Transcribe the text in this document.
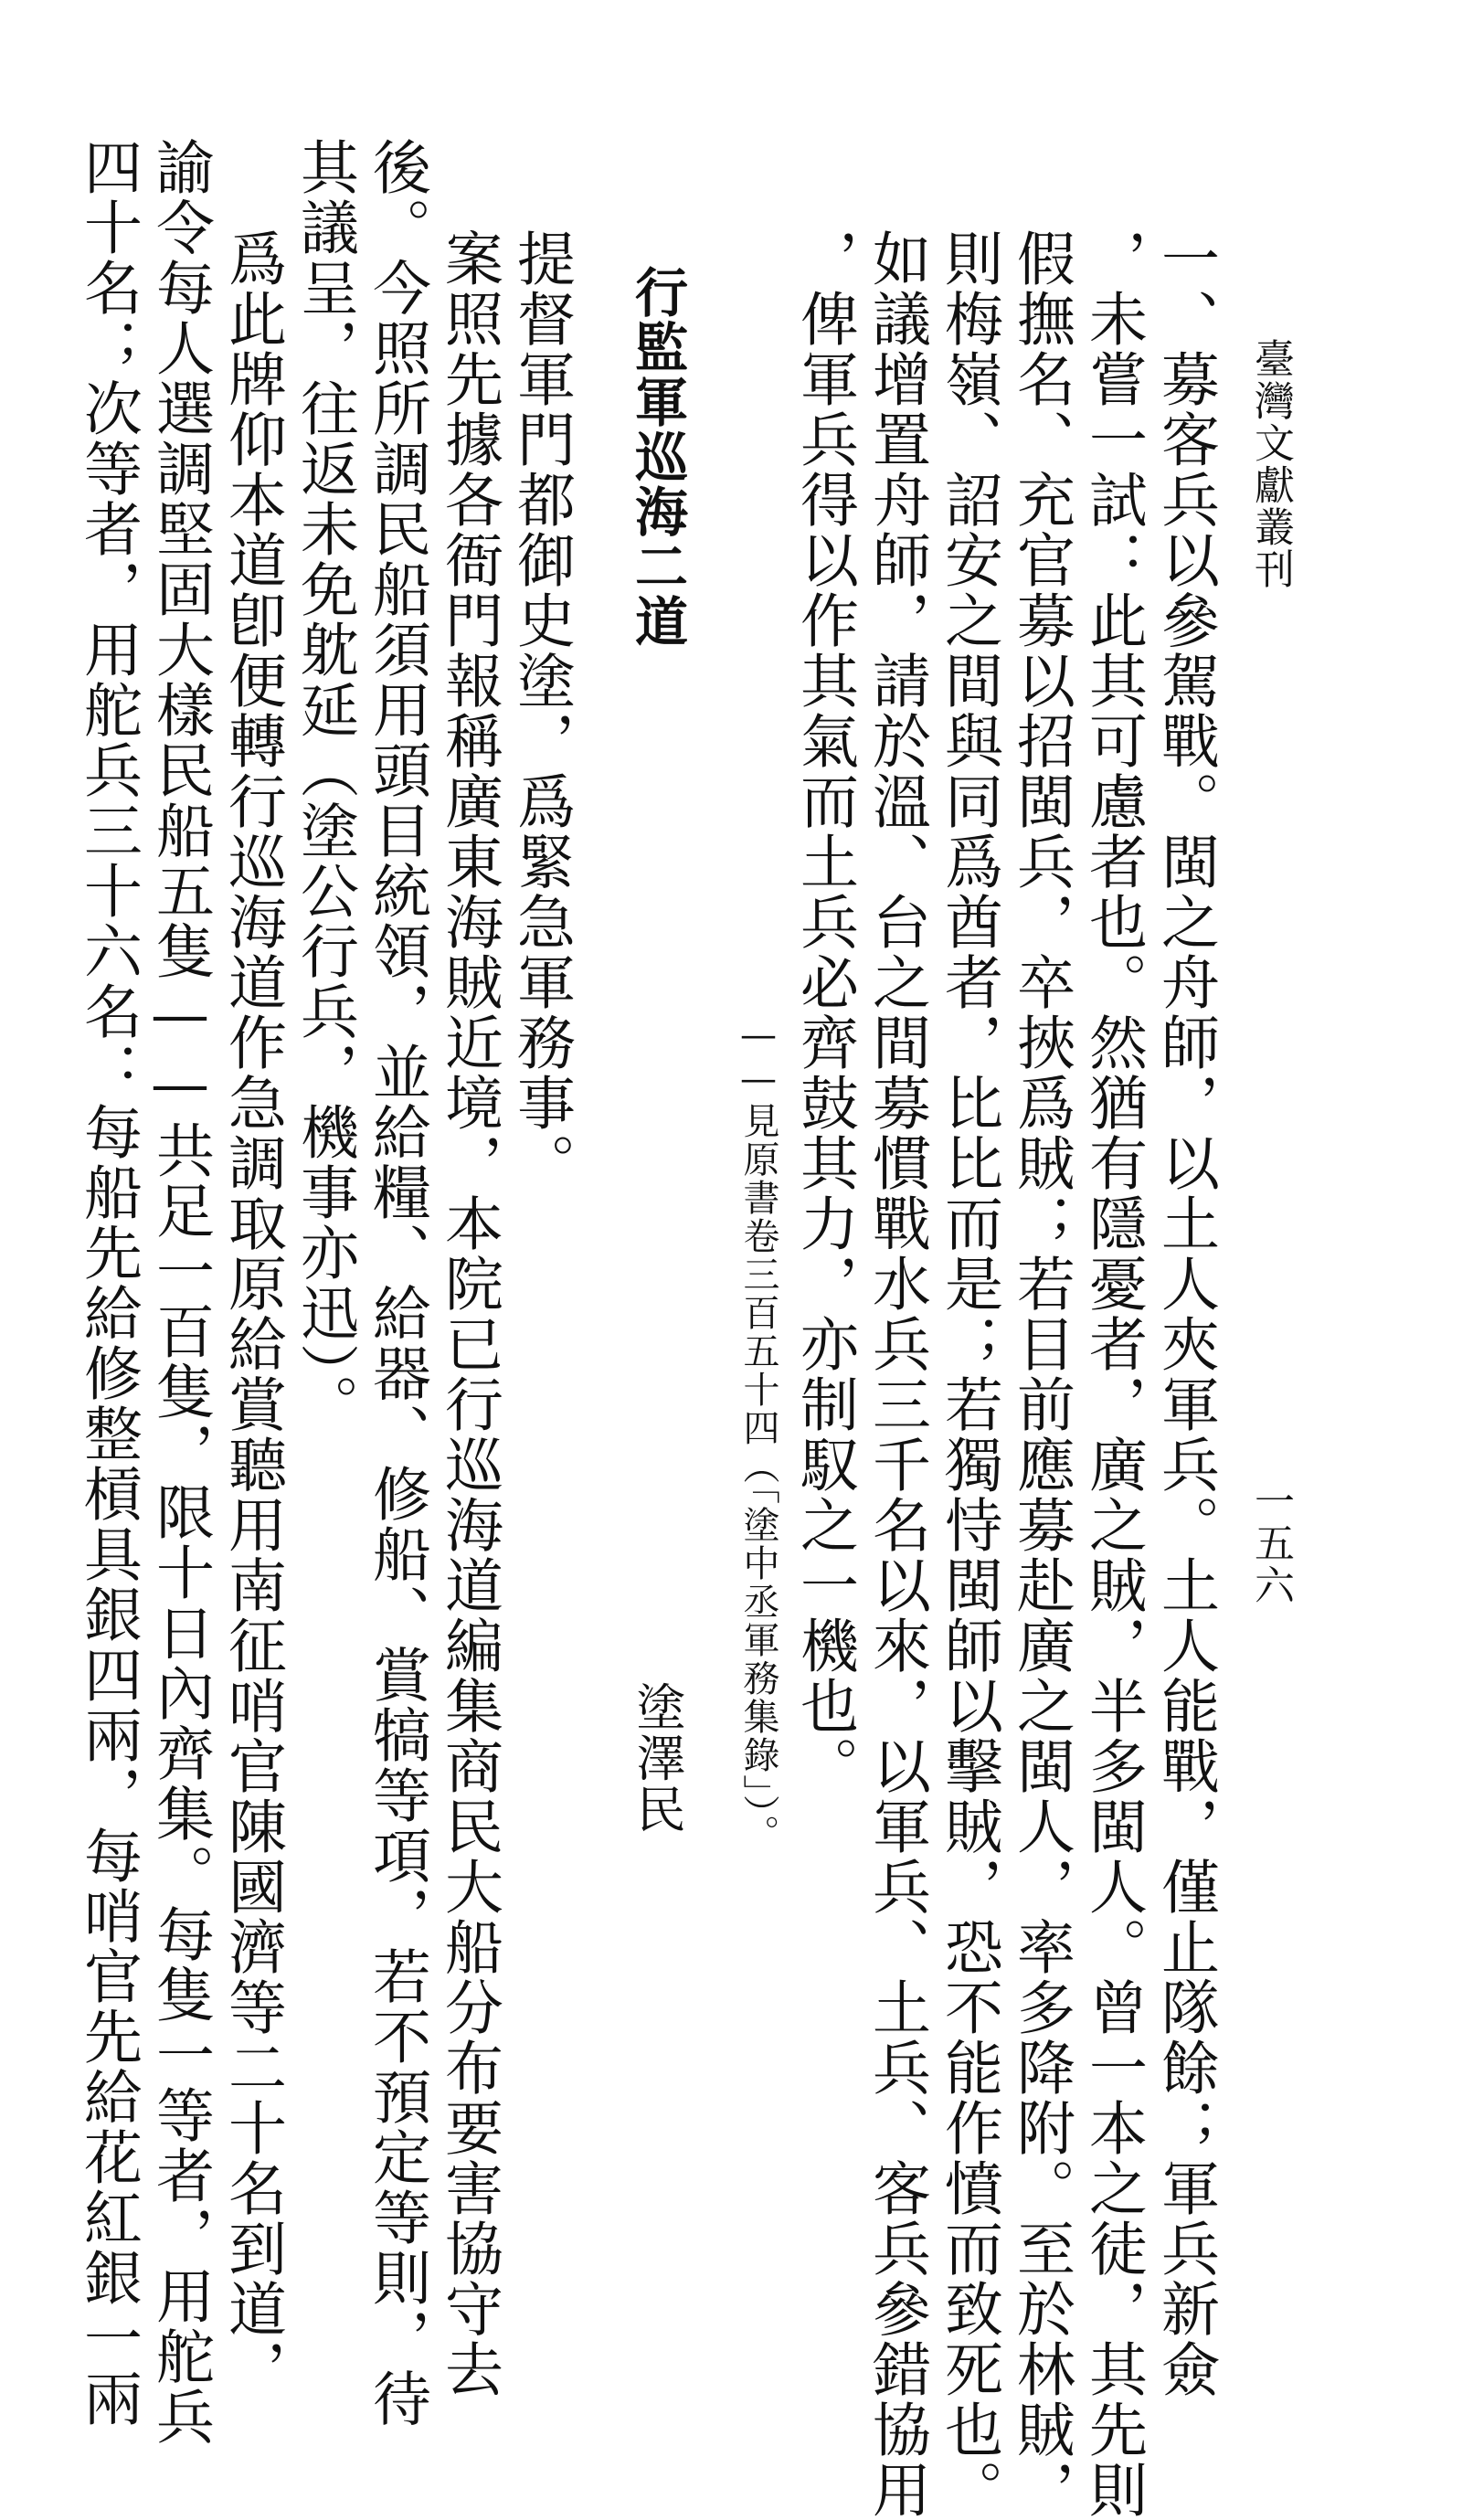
臺灣文獻叢刊
一五六
一、募客兵以參駕戰。閩之舟師，以土人夾軍兵。土人能戰，僅止隊餘；軍兵新僉
，未嘗一試：此其可慮者也。然猶有隱憂者，廣之賊，半多閩人。曾一本之徒，其先則
假撫名、充官募以招閩兵，卒挾爲賊；若目前應募赴廣之閩人，率多降附。至於林賊，
則梅嶺、詔安之間與同爲酋者，比比而是；若獨恃閩師以擊賊，恐不能作憤而致死也。
如議增置舟師，請於溫、台之間募慣戰水兵三千名以來，以軍兵、土兵、客兵參錯協用
，俾軍兵得以作其氣而土兵必齊鼓其力，亦制馭之一機也。
——見原書卷三百五十四（「塗中丞軍務集錄」）。
行監軍巡海二道
塗澤民
提督軍門都御史塗，爲緊急軍務事。
案照先據各衙門報稱廣東海賊近境，本院已行巡海道編集商民大船分布要害協守去
後。今照所調民船須用頭目統領，並給糧、給器、修船、賞犒等項，若不預定等則，待
其議呈，往返未免躭延（塗公行兵，機事亦迅）。
爲此牌仰本道卽便轉行巡海道作急調取原給賞聽用南征哨官陳國濟等二十名到道，
諭令每人選調堅固大樣民船五隻——共足一百隻，限十日內齊集。每隻一等者，用舵兵
四十名；次等者，用舵兵三十六名：每船先給修整槓具銀四兩，每哨官先給花紅銀一兩
